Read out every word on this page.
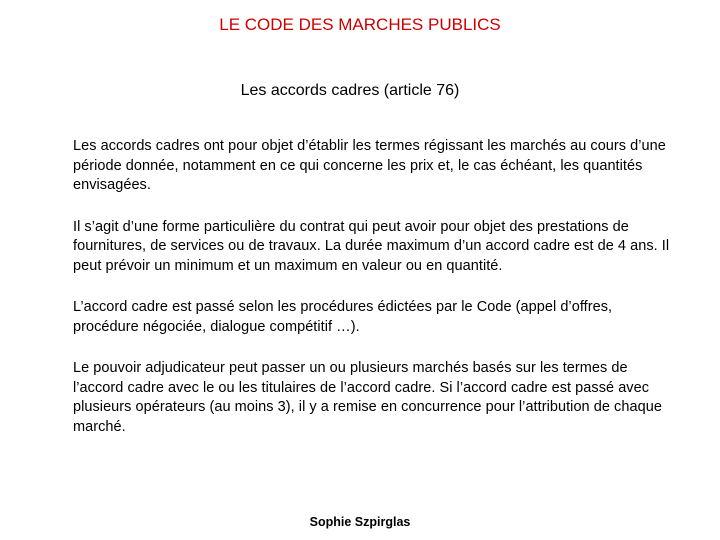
LE CODE DES MARCHES PUBLICS
Les accords cadres (article 76)

Les accords cadres ont pour objet d’établir les termes régissant les marchés au cours d’une période donnée, notamment en ce qui concerne les prix et, le cas échéant, les quantités envisagées.

Il s’agit d’une forme particulière du contrat qui peut avoir pour objet des prestations de fournitures, de services ou de travaux. La durée maximum d’un accord cadre est de 4 ans. Il peut prévoir un minimum et un maximum en valeur ou en quantité.

L’accord cadre est passé selon les procédures édictées par le Code (appel d’offres, procédure négociée, dialogue compétitif …).

Le pouvoir adjudicateur peut passer un ou plusieurs marchés basés sur les termes de l’accord cadre avec le ou les titulaires de l’accord cadre. Si l’accord cadre est passé avec plusieurs opérateurs (au moins 3), il y a remise en concurrence pour l’attribution de chaque marché.

Sophie Szpirglas
